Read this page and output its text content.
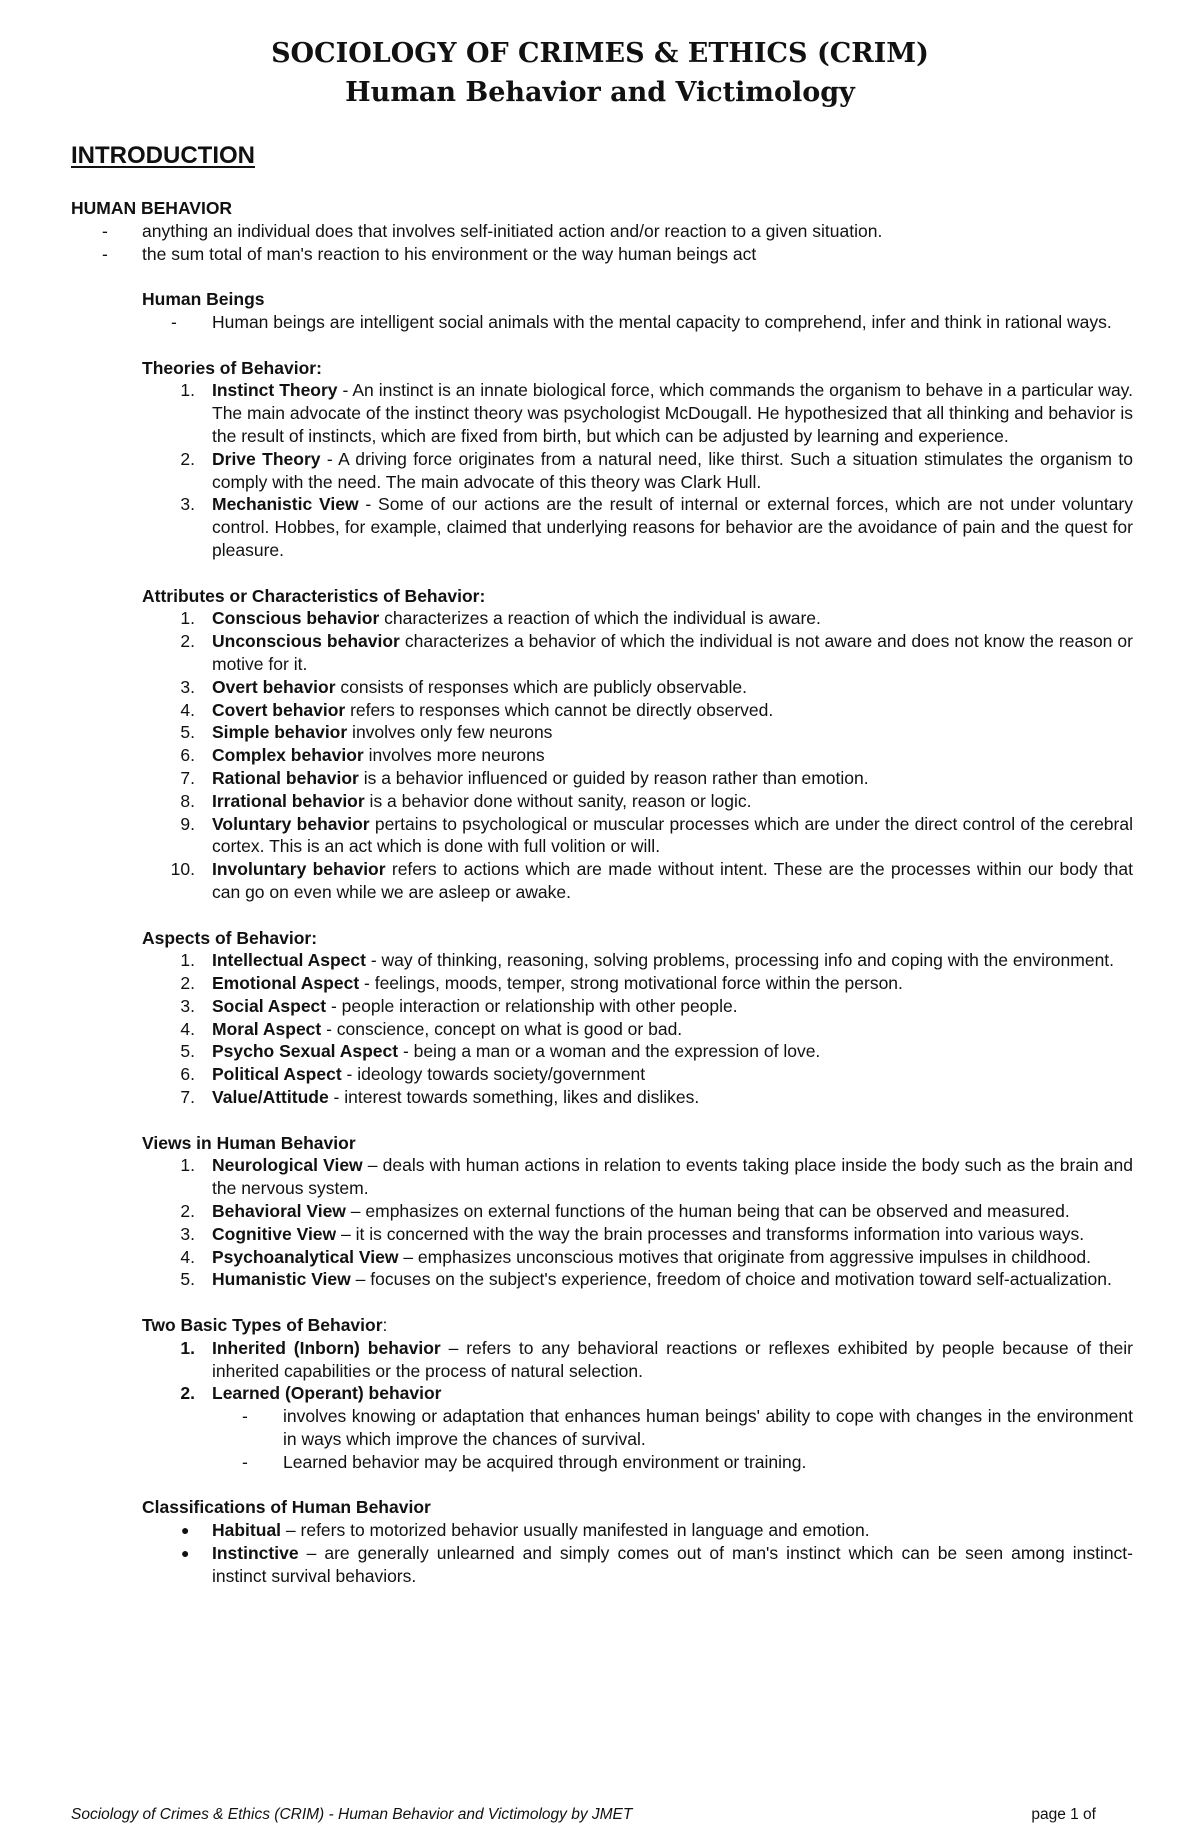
SOCIOLOGY OF CRIMES & ETHICS (CRIM)
Human Behavior and Victimology
INTRODUCTION

HUMAN BEHAVIOR

-	anything an individual does that involves self-initiated action and/or reaction to a given situation.
-	the sum total of man's reaction to his environment or the way human beings act

Human Beings

-	Human beings are intelligent social animals with the mental capacity to comprehend, infer and think in rational ways.

Theories of Behavior:

1. Instinct Theory - An instinct is an innate biological force, which commands the organism to behave in a particular way. The main advocate of the instinct theory was psychologist McDougall. He hypothesized that all thinking and behavior is the result of instincts, which are fixed from birth, but which can be adjusted by learning and experience.
2. Drive Theory - A driving force originates from a natural need, like thirst. Such a situation stimulates the organism to comply with the need. The main advocate of this theory was Clark Hull.
3. Mechanistic View - Some of our actions are the result of internal or external forces, which are not under voluntary control. Hobbes, for example, claimed that underlying reasons for behavior are the avoidance of pain and the quest for pleasure.

Attributes or Characteristics of Behavior:

1. Conscious behavior characterizes a reaction of which the individual is aware.
2. Unconscious behavior characterizes a behavior of which the individual is not aware and does not know the reason or motive for it.
3. Overt behavior consists of responses which are publicly observable.
4. Covert behavior refers to responses which cannot be directly observed.
5. Simple behavior involves only few neurons
6. Complex behavior involves more neurons
7. Rational behavior is a behavior influenced or guided by reason rather than emotion.
8. Irrational behavior is a behavior done without sanity, reason or logic.
9. Voluntary behavior pertains to psychological or muscular processes which are under the direct control of the cerebral cortex. This is an act which is done with full volition or will.
10. Involuntary behavior refers to actions which are made without intent. These are the processes within our body that can go on even while we are asleep or awake.

Aspects of Behavior:

1. Intellectual Aspect - way of thinking, reasoning, solving problems, processing info and coping with the environment.
2. Emotional Aspect - feelings, moods, temper, strong motivational force within the person.
3. Social Aspect - people interaction or relationship with other people.
4. Moral Aspect - conscience, concept on what is good or bad.
5. Psycho Sexual Aspect - being a man or a woman and the expression of love.
6. Political Aspect - ideology towards society/government
7. Value/Attitude - interest towards something, likes and dislikes.

Views in Human Behavior

1. Neurological View – deals with human actions in relation to events taking place inside the body such as the brain and the nervous system.
2. Behavioral View – emphasizes on external functions of the human being that can be observed and measured.
3. Cognitive View – it is concerned with the way the brain processes and transforms information into various ways.
4. Psychoanalytical View – emphasizes unconscious motives that originate from aggressive impulses in childhood.
5. Humanistic View – focuses on the subject's experience, freedom of choice and motivation toward self-actualization.

Two Basic Types of Behavior:

1. Inherited (Inborn) behavior – refers to any behavioral reactions or reflexes exhibited by people because of their inherited capabilities or the process of natural selection.
2. Learned (Operant) behavior
-	involves knowing or adaptation that enhances human beings' ability to cope with changes in the environment in ways which improve the chances of survival.
-	Learned behavior may be acquired through environment or training.

Classifications of Human Behavior

●	Habitual – refers to motorized behavior usually manifested in language and emotion.
●	Instinctive – are generally unlearned and simply comes out of man's instinct which can be seen among instinct-instinct survival behaviors.
Sociology of Crimes & Ethics (CRIM) - Human Behavior and Victimology by JMET	page 1 of
